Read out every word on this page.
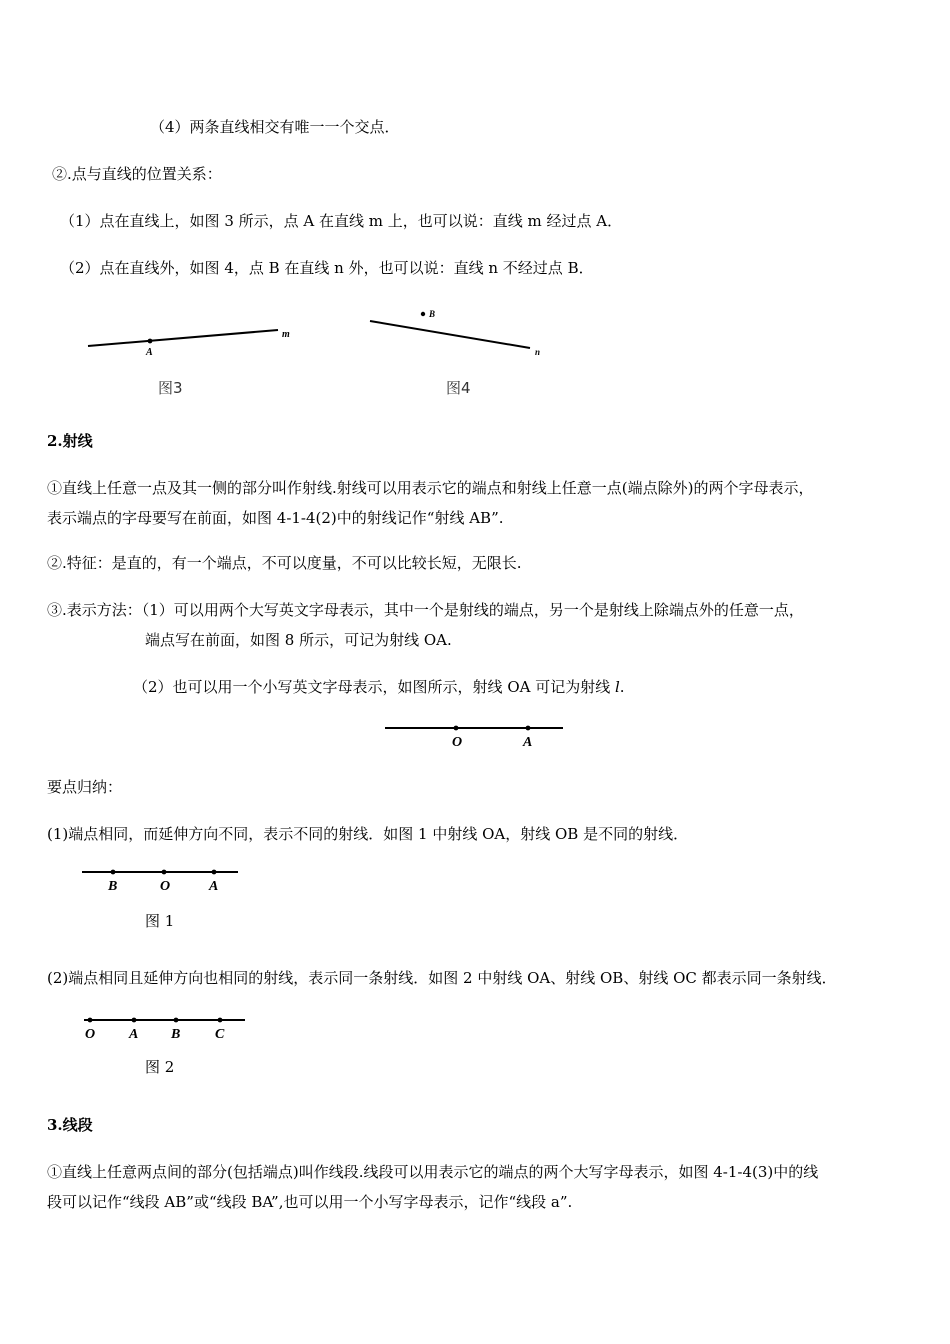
（4）两条直线相交有唯一一个交点．
②.点与直线的位置关系：
（1）点在直线上，如图 3 所示，点 A 在直线 m 上，也可以说：直线 m 经过点 A．
（2）点在直线外，如图 4，点 B 在直线 n 外，也可以说：直线 n 不经过点 B．
A
m
图3
B
n
图4
2.射线
①直线上任意一点及其一侧的部分叫作射线.射线可以用表示它的端点和射线上任意一点(端点除外)的两个字母表示，
表示端点的字母要写在前面，如图 4-1-4(2)中的射线记作“射线 AB”.
②.特征：是直的，有一个端点，不可以度量，不可以比较长短，无限长.
③.表示方法：（1）可以用两个大写英文字母表示，其中一个是射线的端点，另一个是射线上除端点外的任意一点，
端点写在前面，如图 8 所示，可记为射线 OA.
（2）也可以用一个小写英文字母表示，如图所示，射线 OA 可记为射线 l.
O	A
要点归纳：
(1)端点相同，而延伸方向不同，表示不同的射线．如图 1 中射线 OA，射线 OB 是不同的射线．
B	O	A
图 1
(2)端点相同且延伸方向也相同的射线，表示同一条射线．如图 2 中射线 OA、射线 OB、射线 OC 都表示同一条射线．
O A B C
图 2
3.线段
①直线上任意两点间的部分(包括端点)叫作线段.线段可以用表示它的端点的两个大写字母表示，如图 4-1-4(3)中的线
段可以记作“线段 AB”或“线段 BA”,也可以用一个小写字母表示，记作“线段 a”.
